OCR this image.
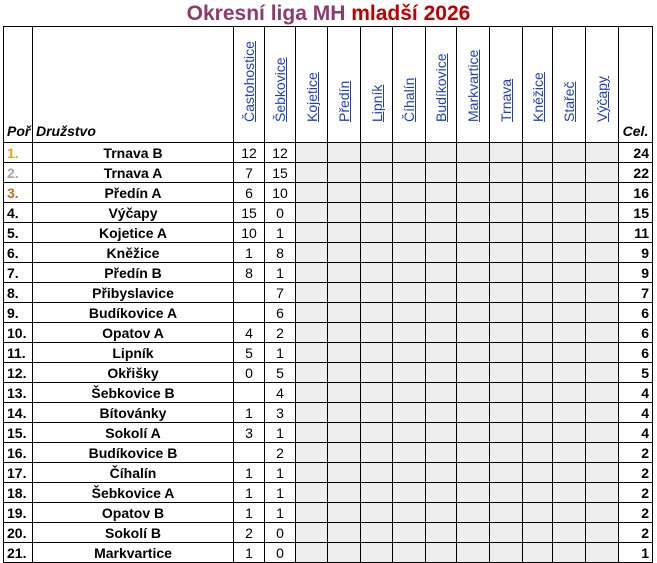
Okresní liga MH mladší 2026
Poř	Družstvo	Častohostice	Šebkovice	Kojetice	Předín	Lipník	Číhalín	Budíkovice	Markvartice	Trnava	Kněžice	Stařeč	Výčapy	Cel.
1.	Trnava B	12	12											24
2.	Trnava A	7	15											22
3.	Předín A	6	10											16
4.	Výčapy	15	0											15
5.	Kojetice A	10	1											11
6.	Kněžice	1	8											9
7.	Předín B	8	1											9
8.	Přibyslavice		7											7
9.	Budíkovice A		6											6
10.	Opatov A	4	2											6
11.	Lipník	5	1											6
12.	Okřišky	0	5											5
13.	Šebkovice B		4											4
14.	Bítovánky	1	3											4
15.	Sokolí A	3	1											4
16.	Budíkovice B		2											2
17.	Číhalín	1	1											2
18.	Šebkovice A	1	1											2
19.	Opatov B	1	1											2
20.	Sokolí B	2	0											2
21.	Markvartice	1	0											1
